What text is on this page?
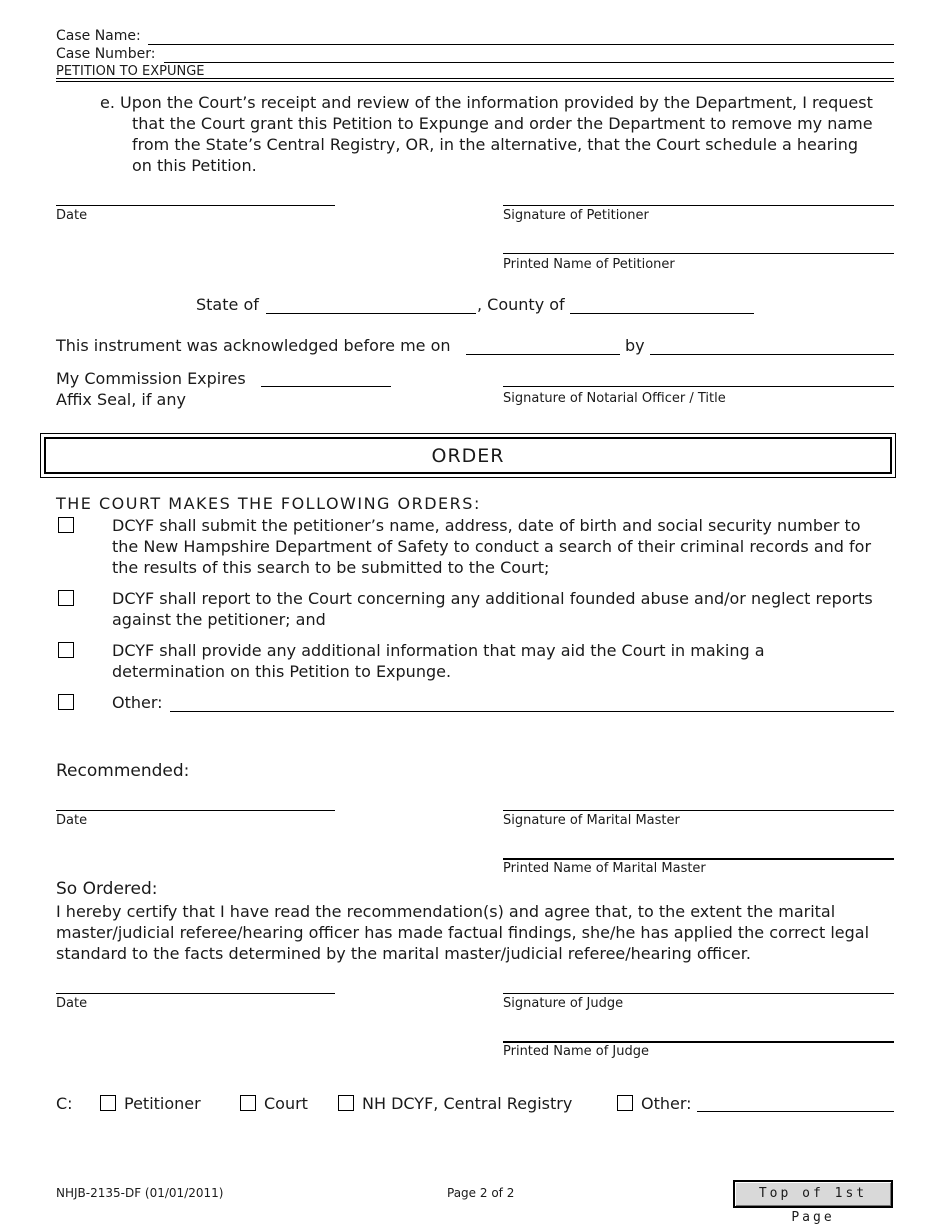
Case Name:
Case Number:
PETITION TO EXPUNGE
e. Upon the Court’s receipt and review of the information provided by the Department, I request
that the Court grant this Petition to Expunge and order the Department to remove my name
from the State’s Central Registry, OR, in the alternative, that the Court schedule a hearing
on this Petition.
Date	Signature of Petitioner
Printed Name of Petitioner
State of	, County of
This instrument was acknowledged before me on	by
My Commission Expires
Affix Seal, if any	Signature of Notarial Officer / Title
ORDER
THE COURT MAKES THE FOLLOWING ORDERS:
DCYF shall submit the petitioner’s name, address, date of birth and social security number to
the New Hampshire Department of Safety to conduct a search of their criminal records and for
the results of this search to be submitted to the Court;
DCYF shall report to the Court concerning any additional founded abuse and/or neglect reports
against the petitioner; and
DCYF shall provide any additional information that may aid the Court in making a
determination on this Petition to Expunge.
Other:
Recommended:
Date	Signature of Marital Master
Printed Name of Marital Master
So Ordered:
I hereby certify that I have read the recommendation(s) and agree that, to the extent the marital
master/judicial referee/hearing officer has made factual findings, she/he has applied the correct legal
standard to the facts determined by the marital master/judicial referee/hearing officer.
Date	Signature of Judge
Printed Name of Judge
C:	Petitioner	Court	NH DCYF, Central Registry	Other:
NHJB-2135-DF (01/01/2011)	Page 2 of 2	Top of 1st Page
